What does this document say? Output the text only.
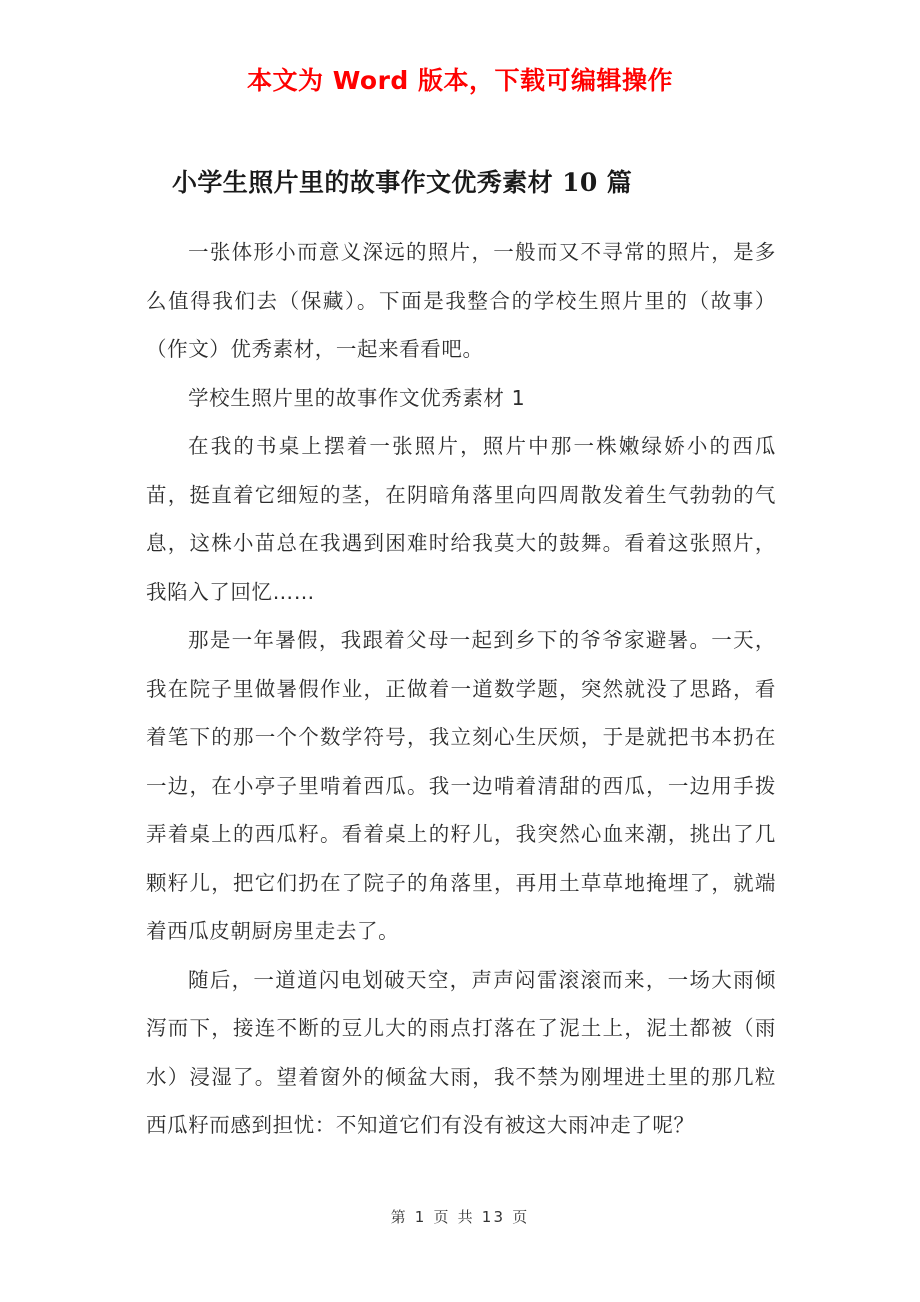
本文为 Word 版本，下载可编辑操作
小学生照片里的故事作文优秀素材 10 篇

一张体形小而意义深远的照片，一般而又不寻常的照片，是多么值得我们去（保藏）。下面是我整合的学校生照片里的（故事）（作文）优秀素材，一起来看看吧。

学校生照片里的故事作文优秀素材 1

在我的书桌上摆着一张照片，照片中那一株嫩绿娇小的西瓜苗，挺直着它细短的茎，在阴暗角落里向四周散发着生气勃勃的气息，这株小苗总在我遇到困难时给我莫大的鼓舞。看着这张照片，我陷入了回忆……

那是一年暑假，我跟着父母一起到乡下的爷爷家避暑。一天，我在院子里做暑假作业，正做着一道数学题，突然就没了思路，看着笔下的那一个个数学符号，我立刻心生厌烦，于是就把书本扔在一边，在小亭子里啃着西瓜。我一边啃着清甜的西瓜，一边用手拨弄着桌上的西瓜籽。看着桌上的籽儿，我突然心血来潮，挑出了几颗籽儿，把它们扔在了院子的角落里，再用土草草地掩埋了，就端着西瓜皮朝厨房里走去了。

随后，一道道闪电划破天空，声声闷雷滚滚而来，一场大雨倾泻而下，接连不断的豆儿大的雨点打落在了泥土上，泥土都被（雨水）浸湿了。望着窗外的倾盆大雨，我不禁为刚埋进土里的那几粒西瓜籽而感到担忧：不知道它们有没有被这大雨冲走了呢？

第 1 页 共 13 页
